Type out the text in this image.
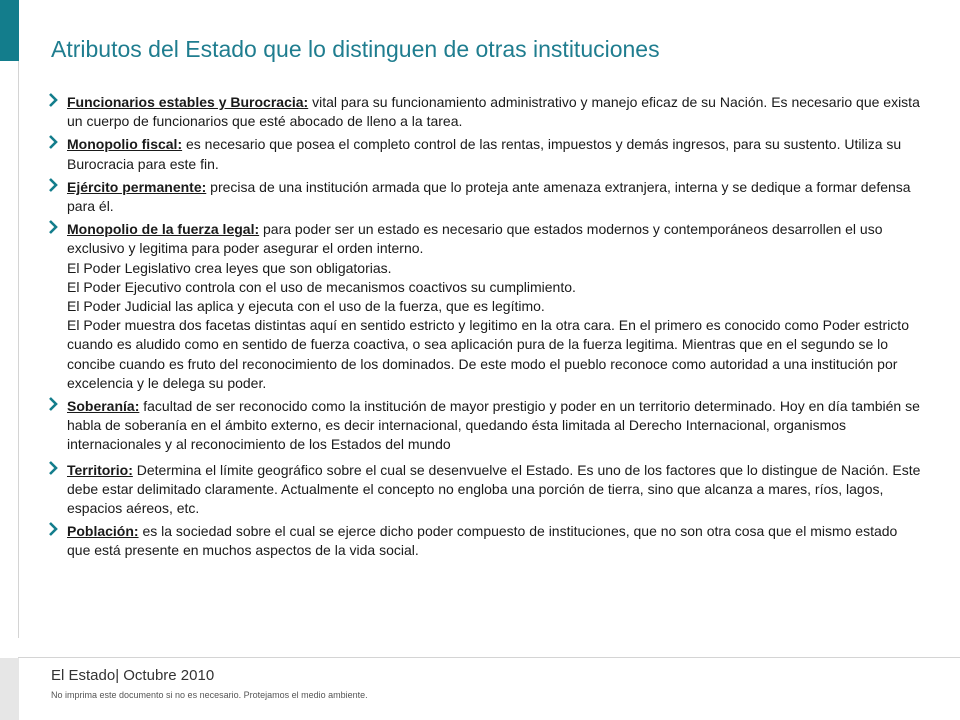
Atributos del Estado que lo distinguen de otras instituciones

Funcionarios estables y Burocracia: vital para su funcionamiento administrativo y manejo eficaz de su Nación. Es necesario que exista un cuerpo de funcionarios que esté abocado de lleno a la tarea.

Monopolio fiscal: es necesario que posea el completo control de las rentas, impuestos y demás ingresos, para su sustento. Utiliza su Burocracia para este fin.

Ejército permanente: precisa de una institución armada que lo proteja ante amenaza extranjera, interna y se dedique a formar defensa para él.

Monopolio de la fuerza legal: para poder ser un estado es necesario que estados modernos y contemporáneos desarrollen el uso exclusivo y legitima para poder asegurar el orden interno.

El Poder Legislativo crea leyes que son obligatorias.

El Poder Ejecutivo controla con el uso de mecanismos coactivos su cumplimiento.

El Poder Judicial las aplica y ejecuta con el uso de la fuerza, que es legítimo.

El Poder muestra dos facetas distintas aquí en sentido estricto y legitimo en la otra cara. En el primero es conocido como Poder estricto cuando es aludido como en sentido de fuerza coactiva, o sea aplicación pura de la fuerza legitima. Mientras que en el segundo se lo concibe cuando es fruto del reconocimiento de los dominados. De este modo el pueblo reconoce como autoridad a una institución por excelencia y le delega su poder.

Soberanía: facultad de ser reconocido como la institución de mayor prestigio y poder en un territorio determinado. Hoy en día también se habla de soberanía en el ámbito externo, es decir internacional, quedando ésta limitada al Derecho Internacional, organismos internacionales y al reconocimiento de los Estados del mundo

Territorio: Determina el límite geográfico sobre el cual se desenvuelve el Estado. Es uno de los factores que lo distingue de Nación. Este debe estar delimitado claramente. Actualmente el concepto no engloba una porción de tierra, sino que alcanza a mares, ríos, lagos, espacios aéreos, etc.

Población: es la sociedad sobre el cual se ejerce dicho poder compuesto de instituciones, que no son otra cosa que el mismo estado que está presente en muchos aspectos de la vida social.

El Estado| Octubre 2010
No imprima este documento si no es necesario. Protejamos el medio ambiente.
